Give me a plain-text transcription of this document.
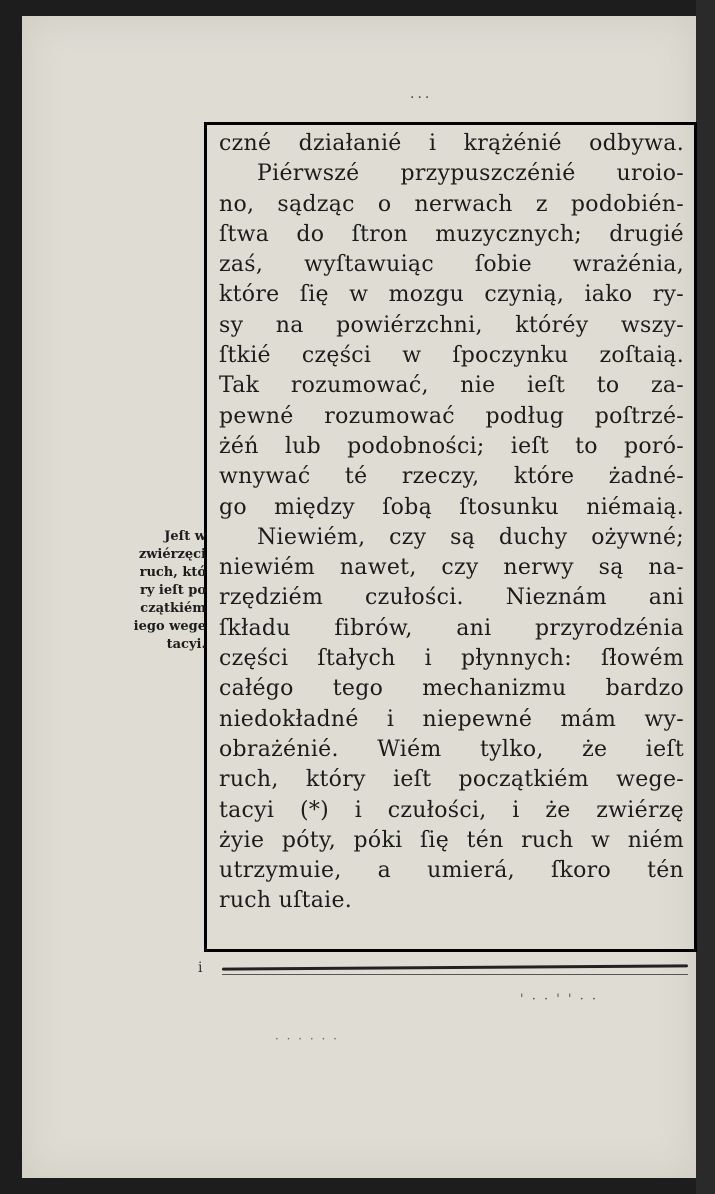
...
czné działanié i krążénié odbywa.
Piérwszé przypuszczénié uroio-
no, sądząc o nerwach z podobién-
ſtwa do ſtron muzycznych; drugié
zaś, wyſtawuiąc ſobie wrażénia,
które ſię w mozgu czynią, iako ry-
sy na powiérzchni, któréy wszy-
ſtkié części w ſpoczynku zoſtaią.
Tak rozumować, nie ieſt to za-
pewné rozumować podług poſtrzé-
żéń lub podobności; ieſt to poró-
wnywać té rzeczy, które żadné-
go między ſobą ſtosunku niémaią.
Niewiém, czy są duchy ożywné;
niewiém nawet, czy nerwy są na-
rzędziém czułości. Nieznám ani
ſkładu fibrów, ani przyrodzénia
części ſtałych i płynnych: ſłowém
całégo tego mechanizmu bardzo
niedokładné i niepewné mám wy-
obrażénié. Wiém tylko, że ieſt
ruch, który ieſt początkiém wege-
tacyi (*) i czułości, i że zwiérzę
żyie póty, póki ſię tén ruch w niém
utrzymuie, a umierá, ſkoro tén
ruch uſtaie.
Jeſt w
zwiérzęci
ruch, któ
ry ieſt po
czątkiém
iego wege
tacyi.
i
' · · ' ' · ·
· · · · · ·
